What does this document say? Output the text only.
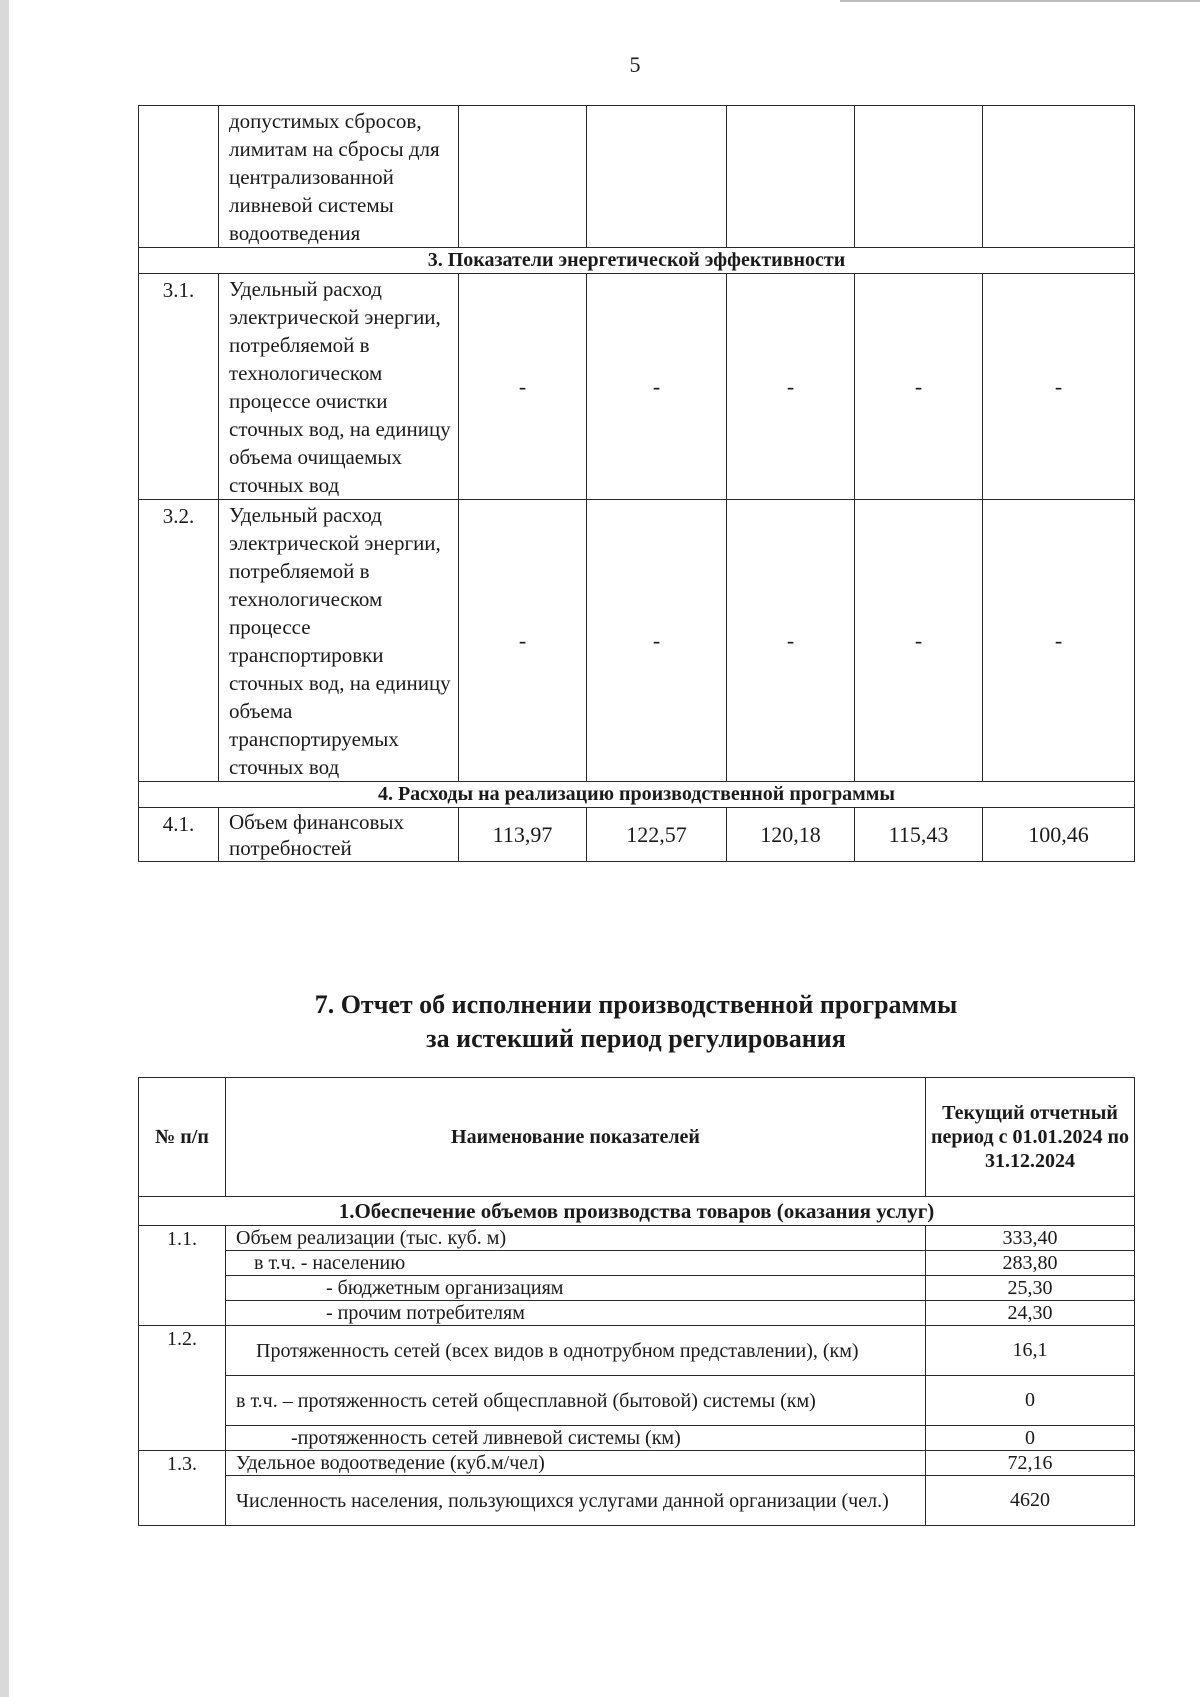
5
	допустимых сбросов, лимитам на сбросы для централизованной ливневой системы водоотведения					
3. Показатели энергетической эффективности						
3.1.	Удельный расход электрической энергии, потребляемой в технологическом процессе очистки сточных вод, на единицу объема очищаемых сточных вод	-	-	-	-	-
3.2.	Удельный расход электрической энергии, потребляемой в технологическом процессе транспортировки сточных вод, на единицу объема транспортируемых сточных вод	-	-	-	-	-
4. Расходы на реализацию производственной программы						
4.1.	Объем финансовых потребностей	113,97	122,57	120,18	115,43	100,46
7. Отчет об исполнении производственной программы
за истекший период регулирования
№ п/п	Наименование показателей	Текущий отчетный период с 01.01.2024 по 31.12.2024
1.Обеспечение объемов производства товаров (оказания услуг)		
1.1.	Объем реализации (тыс. куб. м)	333,40
	в т.ч. - населению	283,80
	- бюджетным организациям	25,30
	- прочим потребителям	24,30
1.2.	Протяженность сетей (всех видов в однотрубном представлении), (км)	16,1
	в т.ч. – протяженность сетей общесплавной (бытовой) системы (км)	0
	-протяженность сетей ливневой системы (км)	0
1.3.	Удельное водоотведение (куб.м/чел)	72,16
	Численность населения, пользующихся услугами данной организации (чел.)	4620
